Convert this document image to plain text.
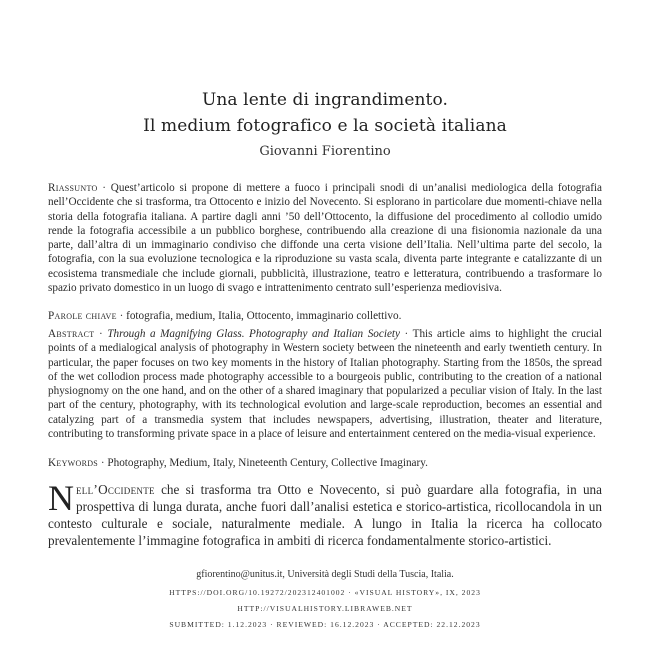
Una lente di ingrandimento.
Il medium fotografico e la società italiana
Giovanni Fiorentino
Riassunto · Quest’articolo si propone di mettere a fuoco i principali snodi di un’analisi mediologica della fotografia nell’Occidente che si trasforma, tra Ottocento e inizio del Novecento. Si esplorano in particolare due momenti-chiave nella storia della fotografia italiana. A partire dagli anni ’50 dell’Ottocento, la diffusione del procedimento al collodio umido rende la fotografia accessibile a un pubblico borghese, contribuendo alla creazione di una fisionomia nazionale da una parte, dall’altra di un immaginario condiviso che diffonde una certa visione dell’Italia. Nell’ultima parte del secolo, la fotografia, con la sua evoluzione tecnologica e la riproduzione su vasta scala, diventa parte integrante e catalizzante di un ecosistema transmediale che include giornali, pubblicità, illustrazione, teatro e letteratura, contribuendo a trasformare lo spazio privato domestico in un luogo di svago e intrattenimento centrato sull’esperienza mediovisiva.
Parole chiave · fotografia, medium, Italia, Ottocento, immaginario collettivo.
Abstract · Through a Magnifying Glass. Photography and Italian Society · This article aims to highlight the crucial points of a medialogical analysis of photography in Western society between the nineteenth and early twentieth century. In particular, the paper focuses on two key moments in the history of Italian photography. Starting from the 1850s, the spread of the wet collodion process made photography accessible to a bourgeois public, contributing to the creation of a national physiognomy on the one hand, and on the other of a shared imaginary that popularized a peculiar vision of Italy. In the last part of the century, photography, with its technological evolution and large-scale reproduction, becomes an essential and catalyzing part of a transmedia system that includes newspapers, advertising, illustration, theater and literature, contributing to transforming private space in a place of leisure and entertainment centered on the media-visual experience.
Keywords · Photography, Medium, Italy, Nineteenth Century, Collective Imaginary.
Nell’Occidente che si trasforma tra Otto e Novecento, si può guardare alla fotografia, in una prospettiva di lunga durata, anche fuori dall’analisi estetica e storico-artistica, ricollocandola in un contesto culturale e sociale, naturalmente mediale. A lungo in Italia la ricerca ha collocato prevalentemente l’immagine fotografica in ambiti di ricerca fondamentalmente storico-artistici.
gfiorentino@unitus.it, Università degli Studi della Tuscia, Italia.
HTTPS://DOI.ORG/10.19272/202312401002 · «VISUAL HISTORY», IX, 2023
HTTP://VISUALHISTORY.LIBRAWEB.NET
SUBMITTED: 1.12.2023 · REVIEWED: 16.12.2023 · ACCEPTED: 22.12.2023
